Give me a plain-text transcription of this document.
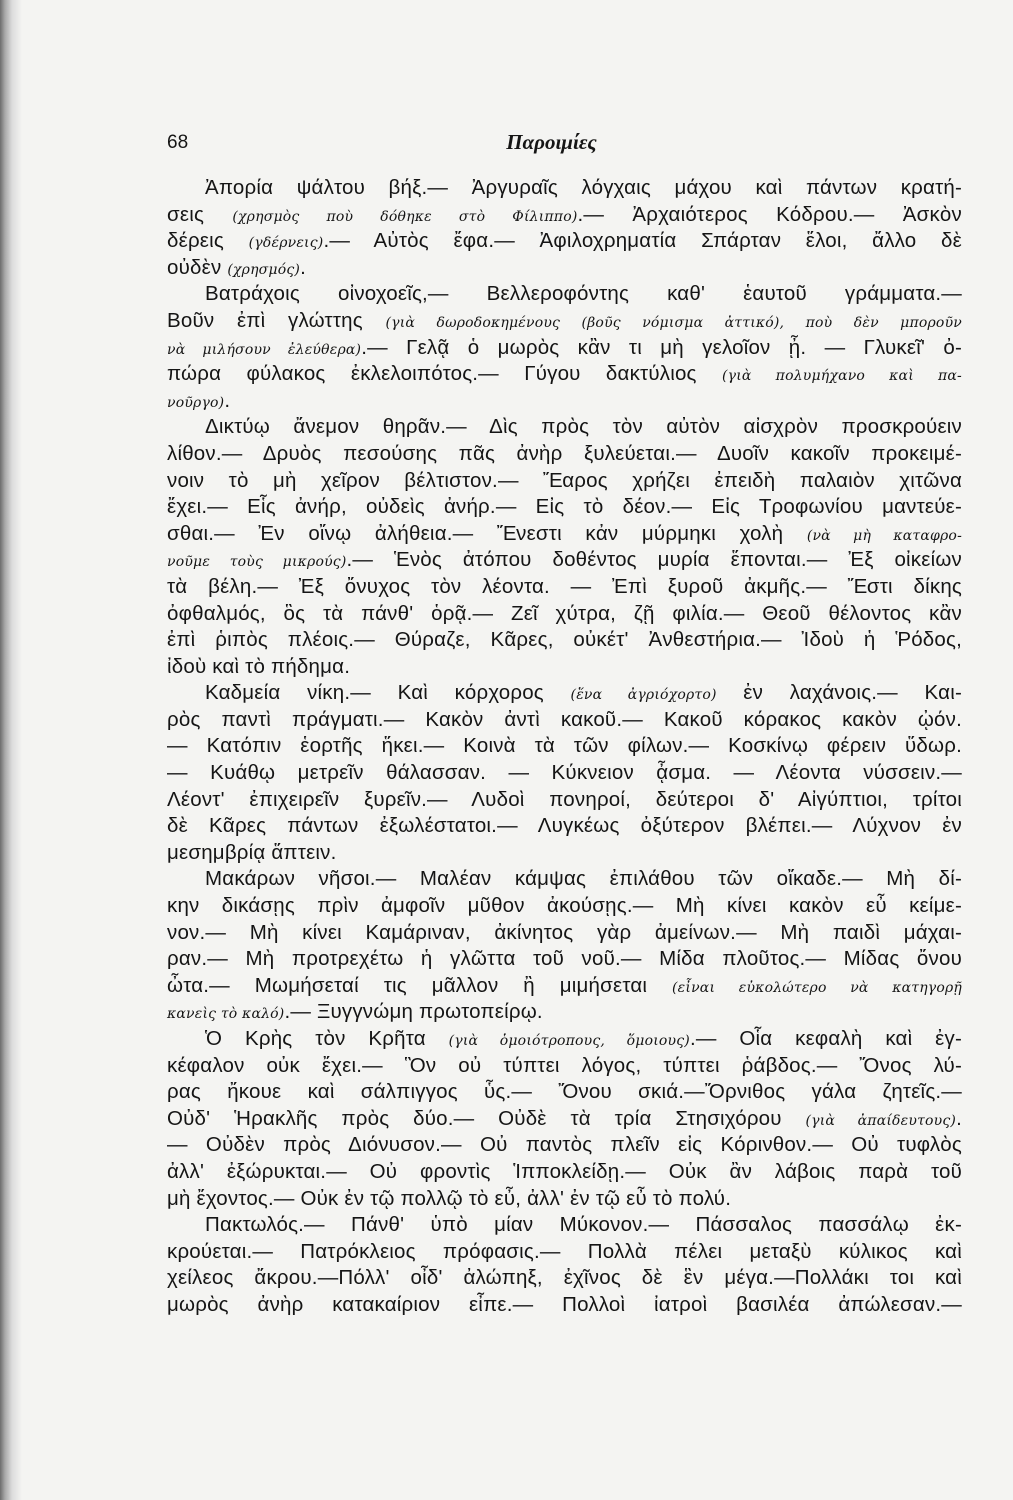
68	Παροιμίες
Ἀπορία ψάλτου βήξ.— Ἀργυραῖς λόγχαις μάχου καὶ πάντων κρατή-
σεις (χρησμὸς ποὺ δόθηκε στὸ Φίλιππο).— Ἀρχαιότερος Κόδρου.— Ἀσκὸν
δέρεις (γδέρνεις).— Αὐτὸς ἔφα.— Ἀφιλοχρηματία Σπάρταν ἕλοι, ἄλλο δὲ
οὐδὲν (χρησμός).
Βατράχοις οἰνοχοεῖς,— Βελλεροφόντης καθ' ἑαυτοῦ γράμματα.—
Βοῦν ἐπὶ γλώττης (γιὰ δωροδοκημένους (βοῦς νόμισμα ἀττικό), ποὺ δὲν μποροῦν
νὰ μιλήσουν ἐλεύθερα).— Γελᾷ ὁ μωρὸς κἂν τι μὴ γελοῖον ᾖ. — Γλυκεῖ' ὀ-
πώρα φύλακος ἐκλελοιπότος.— Γύγου δακτύλιος (γιὰ πολυμήχανο καὶ πα-
νοῦργο).
Δικτύῳ ἄνεμον θηρᾶν.— Δὶς πρὸς τὸν αὐτὸν αἰσχρὸν προσκρούειν
λίθον.— Δρυὸς πεσούσης πᾶς ἀνὴρ ξυλεύεται.— Δυοῖν κακοῖν προκειμέ-
νοιν τὸ μὴ χεῖρον βέλτιστον.— Ἔαρος χρήζει ἐπειδὴ παλαιὸν χιτῶνα
ἔχει.— Εἷς ἀνήρ, οὐδεὶς ἀνήρ.— Εἰς τὸ δέον.— Εἰς Τροφωνίου μαντεύε-
σθαι.— Ἐν οἴνῳ ἀλήθεια.— Ἔνεστι κἀν μύρμηκι χολὴ (νὰ μὴ καταφρο-
νοῦμε τοὺς μικρούς).— Ἑνὸς ἀτόπου δοθέντος μυρία ἕπονται.— Ἐξ οἰκείων
τὰ βέλη.— Ἐξ ὄνυχος τὸν λέοντα. — Ἐπὶ ξυροῦ ἀκμῆς.— Ἔστι δίκης
ὀφθαλμός, ὃς τὰ πάνθ' ὁρᾷ.— Ζεῖ χύτρα, ζῇ φιλία.— Θεοῦ θέλοντος κἂν
ἐπὶ ῥιπὸς πλέοις.— Θύραζε, Κᾶρες, οὐκέτ' Ἀνθεστήρια.— Ἰδοὺ ἡ Ῥόδος,
ἰδοὺ καὶ τὸ πήδημα.
Καδμεία νίκη.— Καὶ κόρχορος (ἕνα ἀγριόχορτο) ἐν λαχάνοις.— Και-
ρὸς παντὶ πράγματι.— Κακὸν ἀντὶ κακοῦ.— Κακοῦ κόρακος κακὸν ᾠόν.
— Κατόπιν ἑορτῆς ἥκει.— Κοινὰ τὰ τῶν φίλων.— Κοσκίνῳ φέρειν ὕδωρ.
— Κυάθῳ μετρεῖν θάλασσαν. — Κύκνειον ᾆσμα. — Λέοντα νύσσειν.—
Λέοντ' ἐπιχειρεῖν ξυρεῖν.— Λυδοὶ πονηροί, δεύτεροι δ' Αἰγύπτιοι, τρίτοι
δὲ Κᾶρες πάντων ἐξωλέστατοι.— Λυγκέως ὀξύτερον βλέπει.— Λύχνον ἐν
μεσημβρίᾳ ἅπτειν.
Μακάρων νῆσοι.— Μαλέαν κάμψας ἐπιλάθου τῶν οἴκαδε.— Μὴ δί-
κην δικάσῃς πρὶν ἀμφοῖν μῦθον ἀκούσῃς.— Μὴ κίνει κακὸν εὖ κείμε-
νον.— Μὴ κίνει Καμάριναν, ἀκίνητος γὰρ ἀμείνων.— Μὴ παιδὶ μάχαι-
ραν.— Μὴ προτρεχέτω ἡ γλῶττα τοῦ νοῦ.— Μίδα πλοῦτος.— Μίδας ὄνου
ὦτα.— Μωμήσεταί τις μᾶλλον ἢ μιμήσεται (εἶναι εὐκολώτερο νὰ κατηγορῇ
κανεὶς τὸ καλό).— Ξυγγνώμη πρωτοπείρῳ.
Ὁ Κρὴς τὸν Κρῆτα (γιὰ ὁμοιότροπους, ὅμοιους).— Οἷα κεφαλὴ καὶ ἐγ-
κέφαλον οὐκ ἔχει.— Ὃν οὐ τύπτει λόγος, τύπτει ῥάβδος.— Ὄνος λύ-
ρας ἤκουε καὶ σάλπιγγος ὗς.— Ὄνου σκιά.—Ὄρνιθος γάλα ζητεῖς.—
Οὐδ' Ἡρακλῆς πρὸς δύο.— Οὐδὲ τὰ τρία Στησιχόρου (γιὰ ἀπαίδευτους).
— Οὐδὲν πρὸς Διόνυσον.— Οὐ παντὸς πλεῖν εἰς Κόρινθον.— Οὐ τυφλὸς
ἀλλ' ἐξώρυκται.— Οὐ φροντὶς Ἱπποκλείδῃ.— Οὐκ ἂν λάβοις παρὰ τοῦ
μὴ ἔχοντος.— Οὐκ ἐν τῷ πολλῷ τὸ εὖ, ἀλλ' ἐν τῷ εὖ τὸ πολύ.
Πακτωλός.— Πάνθ' ὑπὸ μίαν Μύκονον.— Πάσσαλος πασσάλῳ ἐκ-
κρούεται.— Πατρόκλειος πρόφασις.— Πολλὰ πέλει μεταξὺ κύλικος καὶ
χείλεος ἄκρου.—Πόλλ' οἶδ' ἀλώπηξ, ἐχῖνος δὲ ἓν μέγα.—Πολλάκι τοι καὶ
μωρὸς ἀνὴρ κατακαίριον εἶπε.— Πολλοὶ ἰατροὶ βασιλέα ἀπώλεσαν.—
